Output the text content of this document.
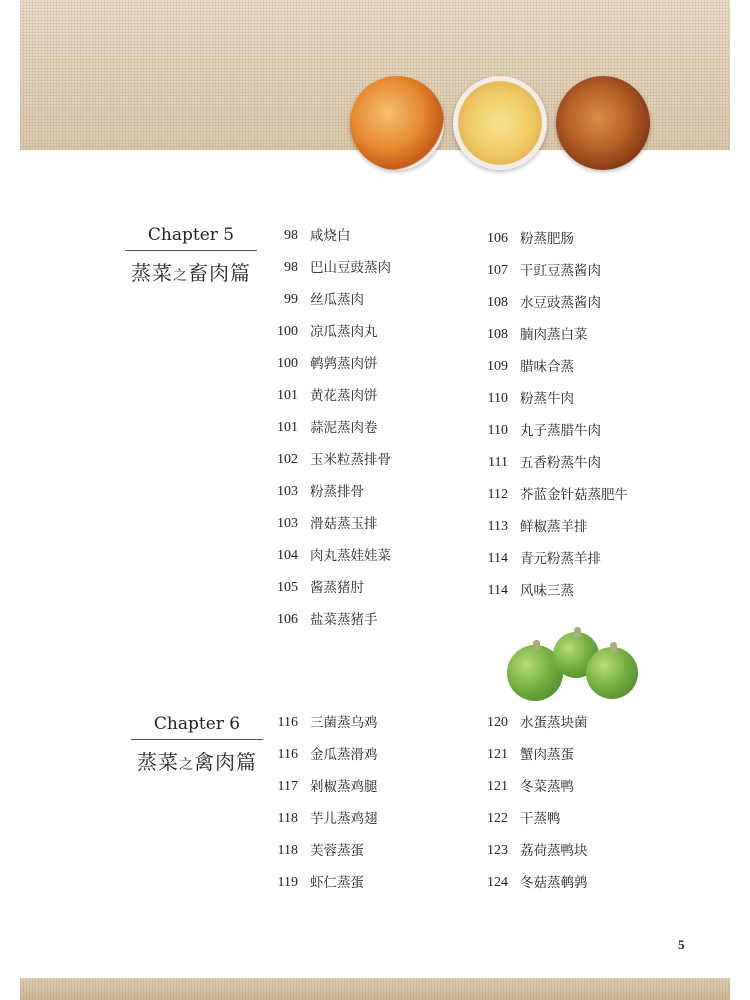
Chapter 5
蒸菜之畜肉篇
98 咸烧白
98 巴山豆豉蒸肉
99 丝瓜蒸肉
100 凉瓜蒸肉丸
100 鹌鹑蒸肉饼
101 黄花蒸肉饼
101 蒜泥蒸肉卷
102 玉米粒蒸排骨
103 粉蒸排骨
103 滑菇蒸玉排
104 肉丸蒸娃娃菜
105 酱蒸猪肘
106 盐菜蒸猪手
106 粉蒸肥肠
107 干豇豆蒸酱肉
108 水豆豉蒸酱肉
108 腩肉蒸白菜
109 腊味合蒸
110 粉蒸牛肉
110 丸子蒸腊牛肉
111 五香粉蒸牛肉
112 芥蓝金针菇蒸肥牛
113 鲜椒蒸羊排
114 青元粉蒸羊排
114 风味三蒸
Chapter 6
蒸菜之禽肉篇
116 三菌蒸乌鸡
116 金瓜蒸滑鸡
117 剁椒蒸鸡腿
118 芋儿蒸鸡翅
118 芙蓉蒸蛋
119 虾仁蒸蛋
120 水蛋蒸块菌
121 蟹肉蒸蛋
121 冬菜蒸鸭
122 干蒸鸭
123 荔荷蒸鸭块
124 冬菇蒸鹌鹑
5
